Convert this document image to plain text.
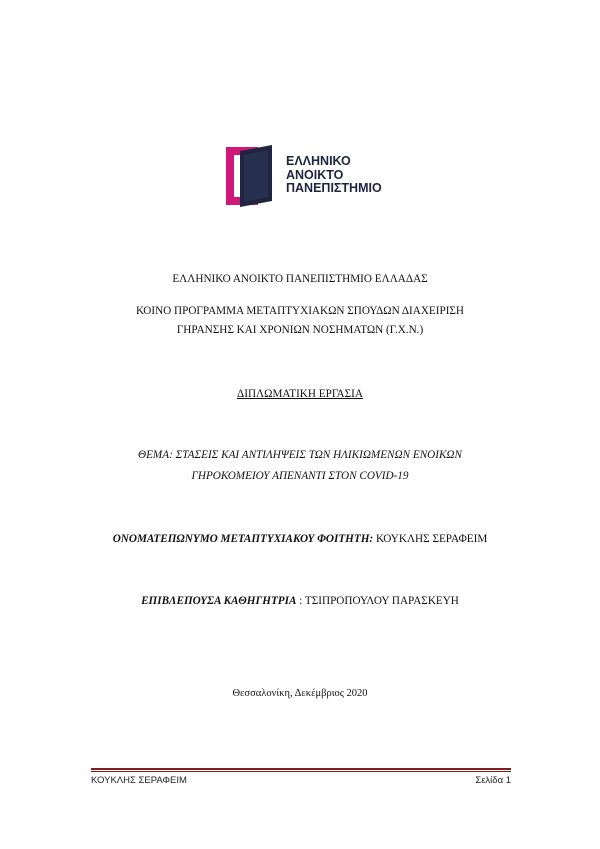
ΕΛΛΗΝΙΚΟ
ΑΝΟΙΚΤΟ
ΠΑΝΕΠΙΣΤΗΜΙΟ
ΕΛΛΗΝΙΚΟ ΑΝΟΙΚΤΟ ΠΑΝΕΠΙΣΤΗΜΙΟ ΕΛΛΑΔΑΣ
ΚΟΙΝΟ ΠΡΟΓΡΑΜΜΑ ΜΕΤΑΠΤΥΧΙΑΚΩΝ ΣΠΟΥΔΩΝ ΔΙΑΧΕΙΡΙΣΗ
ΓΗΡΑΝΣΗΣ ΚΑΙ ΧΡΟΝΙΩΝ ΝΟΣΗΜΑΤΩΝ (Γ.Χ.Ν.)
ΔΙΠΛΩΜΑΤΙΚΗ ΕΡΓΑΣΙΑ
ΘΕΜΑ: ΣΤΑΣΕΙΣ ΚΑΙ ΑΝΤΙΛΗΨΕΙΣ ΤΩΝ ΗΛΙΚΙΩΜΕΝΩΝ ΕΝΟΙΚΩΝ
ΓΗΡΟΚΟΜΕΙΟΥ ΑΠΕΝΑΝΤΙ ΣΤΟΝ COVID-19
ΟΝΟΜΑΤΕΠΩΝΥΜΟ ΜΕΤΑΠΤΥΧΙΑΚΟΥ ΦΟΙΤΗΤΗ: ΚΟΥΚΛΗΣ ΣΕΡΑΦΕΙΜ
ΕΠΙΒΛΕΠΟΥΣΑ ΚΑΘΗΓΗΤΡΙΑ : ΤΣΙΠΡΟΠΟΥΛΟΥ ΠΑΡΑΣΚΕΥΗ
Θεσσαλονίκη, Δεκέμβριος 2020
ΚΟΥΚΛΗΣ ΣΕΡΑΦΕΙΜ	Σελίδα 1
